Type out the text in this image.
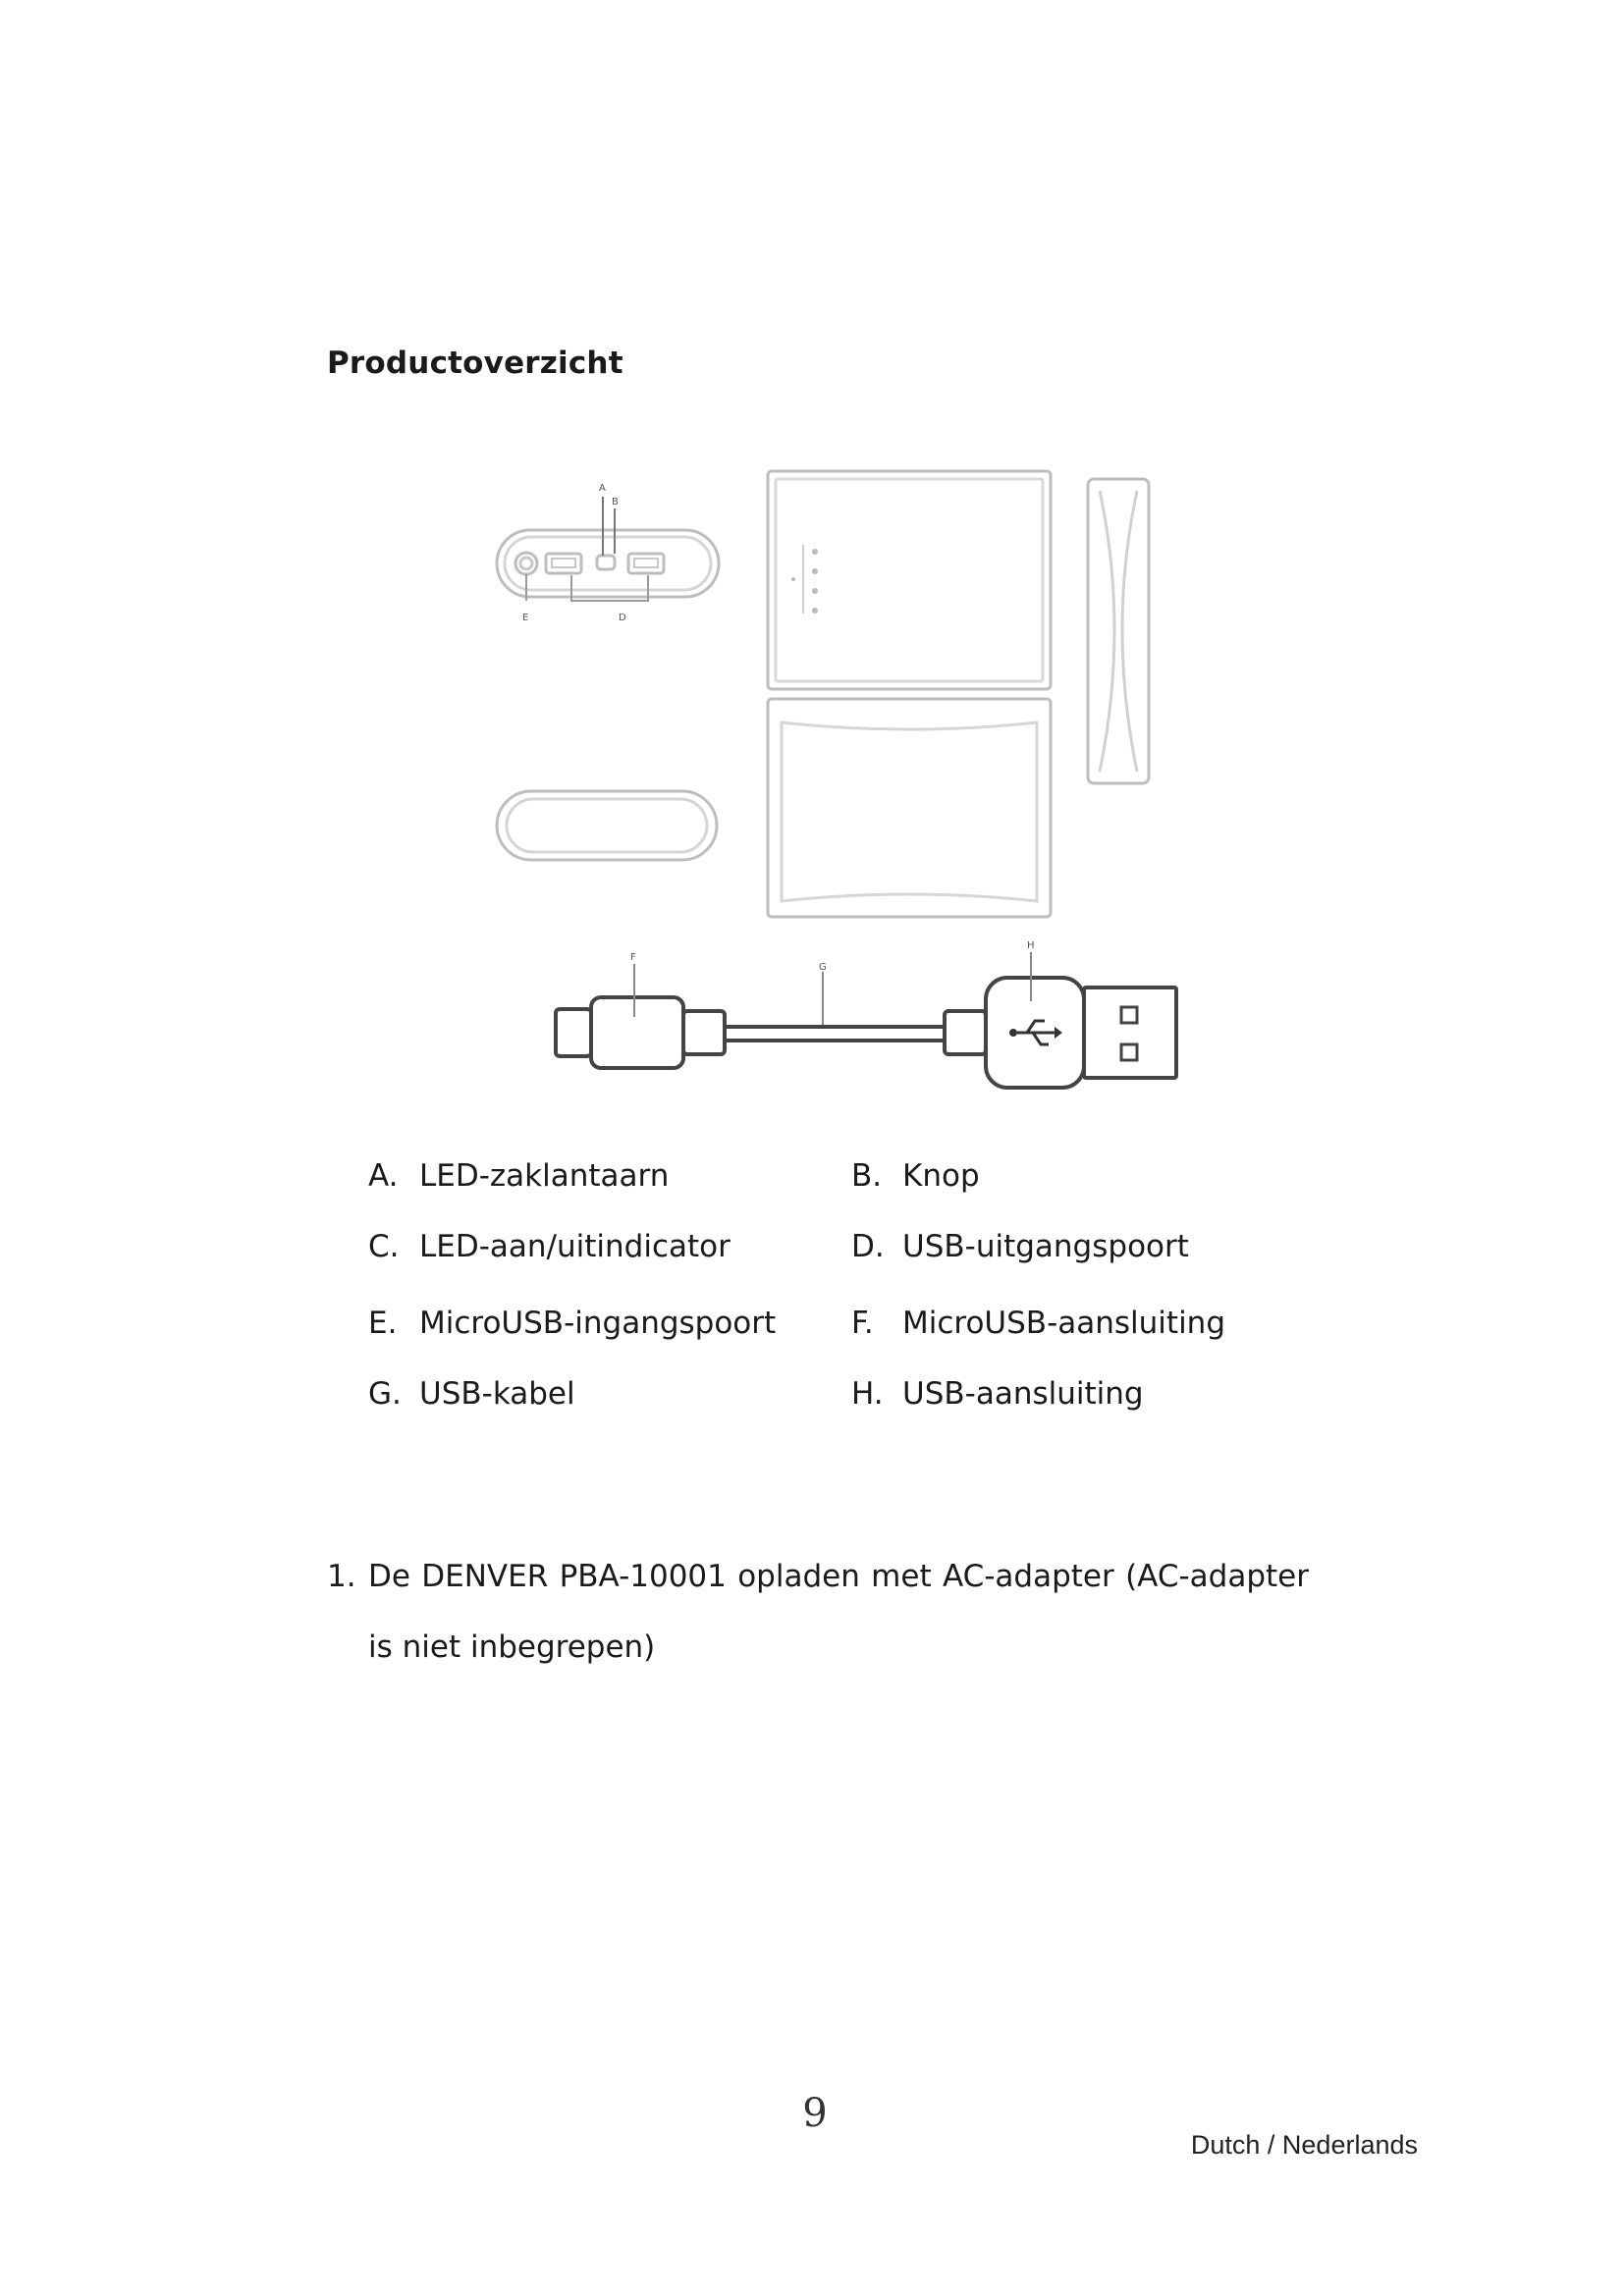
Productoverzicht
A
B
E	D
F
G
H
A. LED-zaklantaarn	B. Knop
C. LED-aan/uitindicator	D. USB-uitgangspoort
E. MicroUSB-ingangspoort F. MicroUSB-aansluiting
G. USB-kabel	H. USB-aansluiting
1. De DENVER PBA-10001 opladen met AC-adapter (AC-adapter is niet inbegrepen)
9
Dutch / Nederlands
